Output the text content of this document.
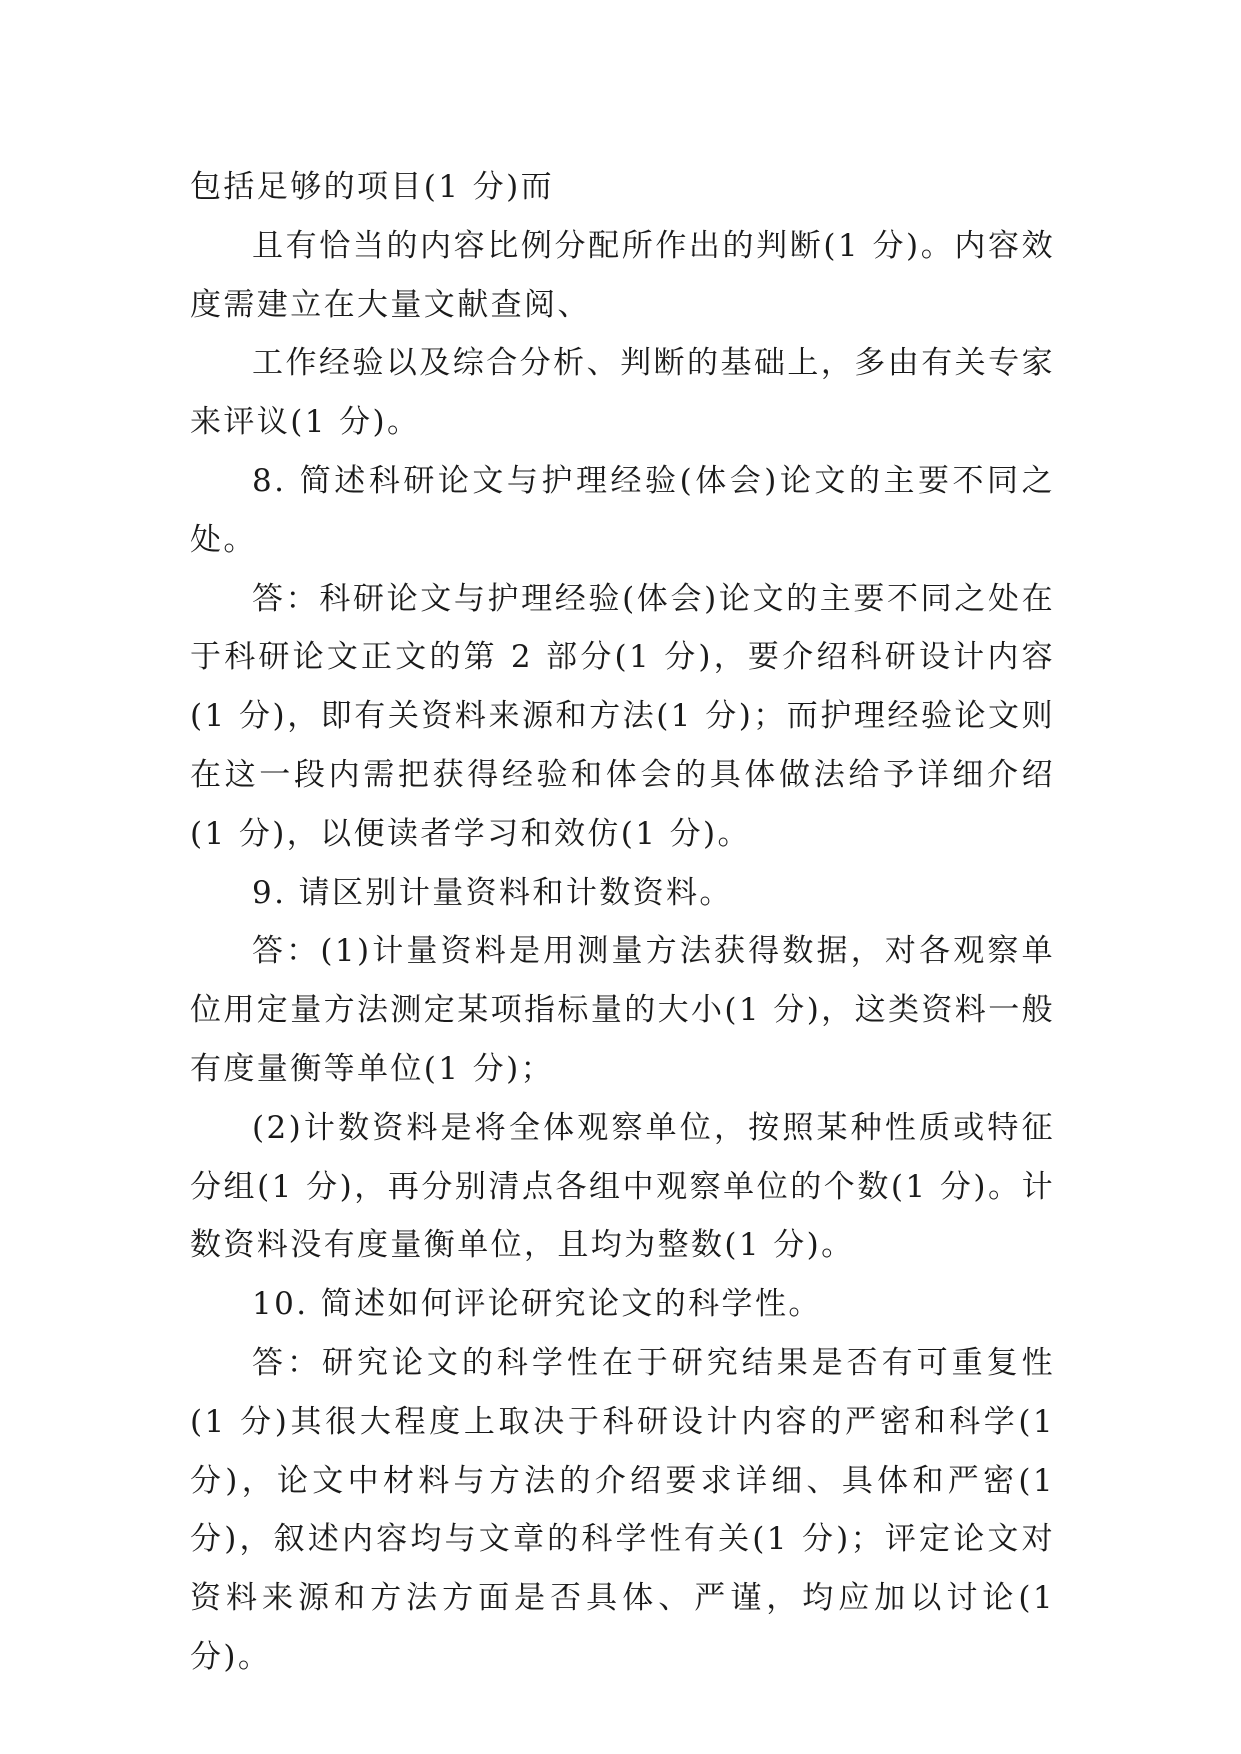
包括足够的项目(1 分)而

且有恰当的内容比例分配所作出的判断(1 分)。内容效度需建立在大量文献查阅、

工作经验以及综合分析、判断的基础上，多由有关专家来评议(1 分)。

8. 简述科研论文与护理经验(体会)论文的主要不同之处。

答：科研论文与护理经验(体会)论文的主要不同之处在于科研论文正文的第 2 部分(1 分)，要介绍科研设计内容(1 分)，即有关资料来源和方法(1 分)；而护理经验论文则在这一段内需把获得经验和体会的具体做法给予详细介绍(1 分)，以便读者学习和效仿(1 分)。

9. 请区别计量资料和计数资料。

答：(1)计量资料是用测量方法获得数据，对各观察单位用定量方法测定某项指标量的大小(1 分)，这类资料一般有度量衡等单位(1 分)；

(2)计数资料是将全体观察单位，按照某种性质或特征分组(1 分)，再分别清点各组中观察单位的个数(1 分)。计数资料没有度量衡单位，且均为整数(1 分)。

10. 简述如何评论研究论文的科学性。

答：研究论文的科学性在于研究结果是否有可重复性(1 分)其很大程度上取决于科研设计内容的严密和科学(1 分)，论文中材料与方法的介绍要求详细、具体和严密(1 分)，叙述内容均与文章的科学性有关(1 分)；评定论文对资料来源和方法方面是否具体、严谨，均应加以讨论(1 分)。
